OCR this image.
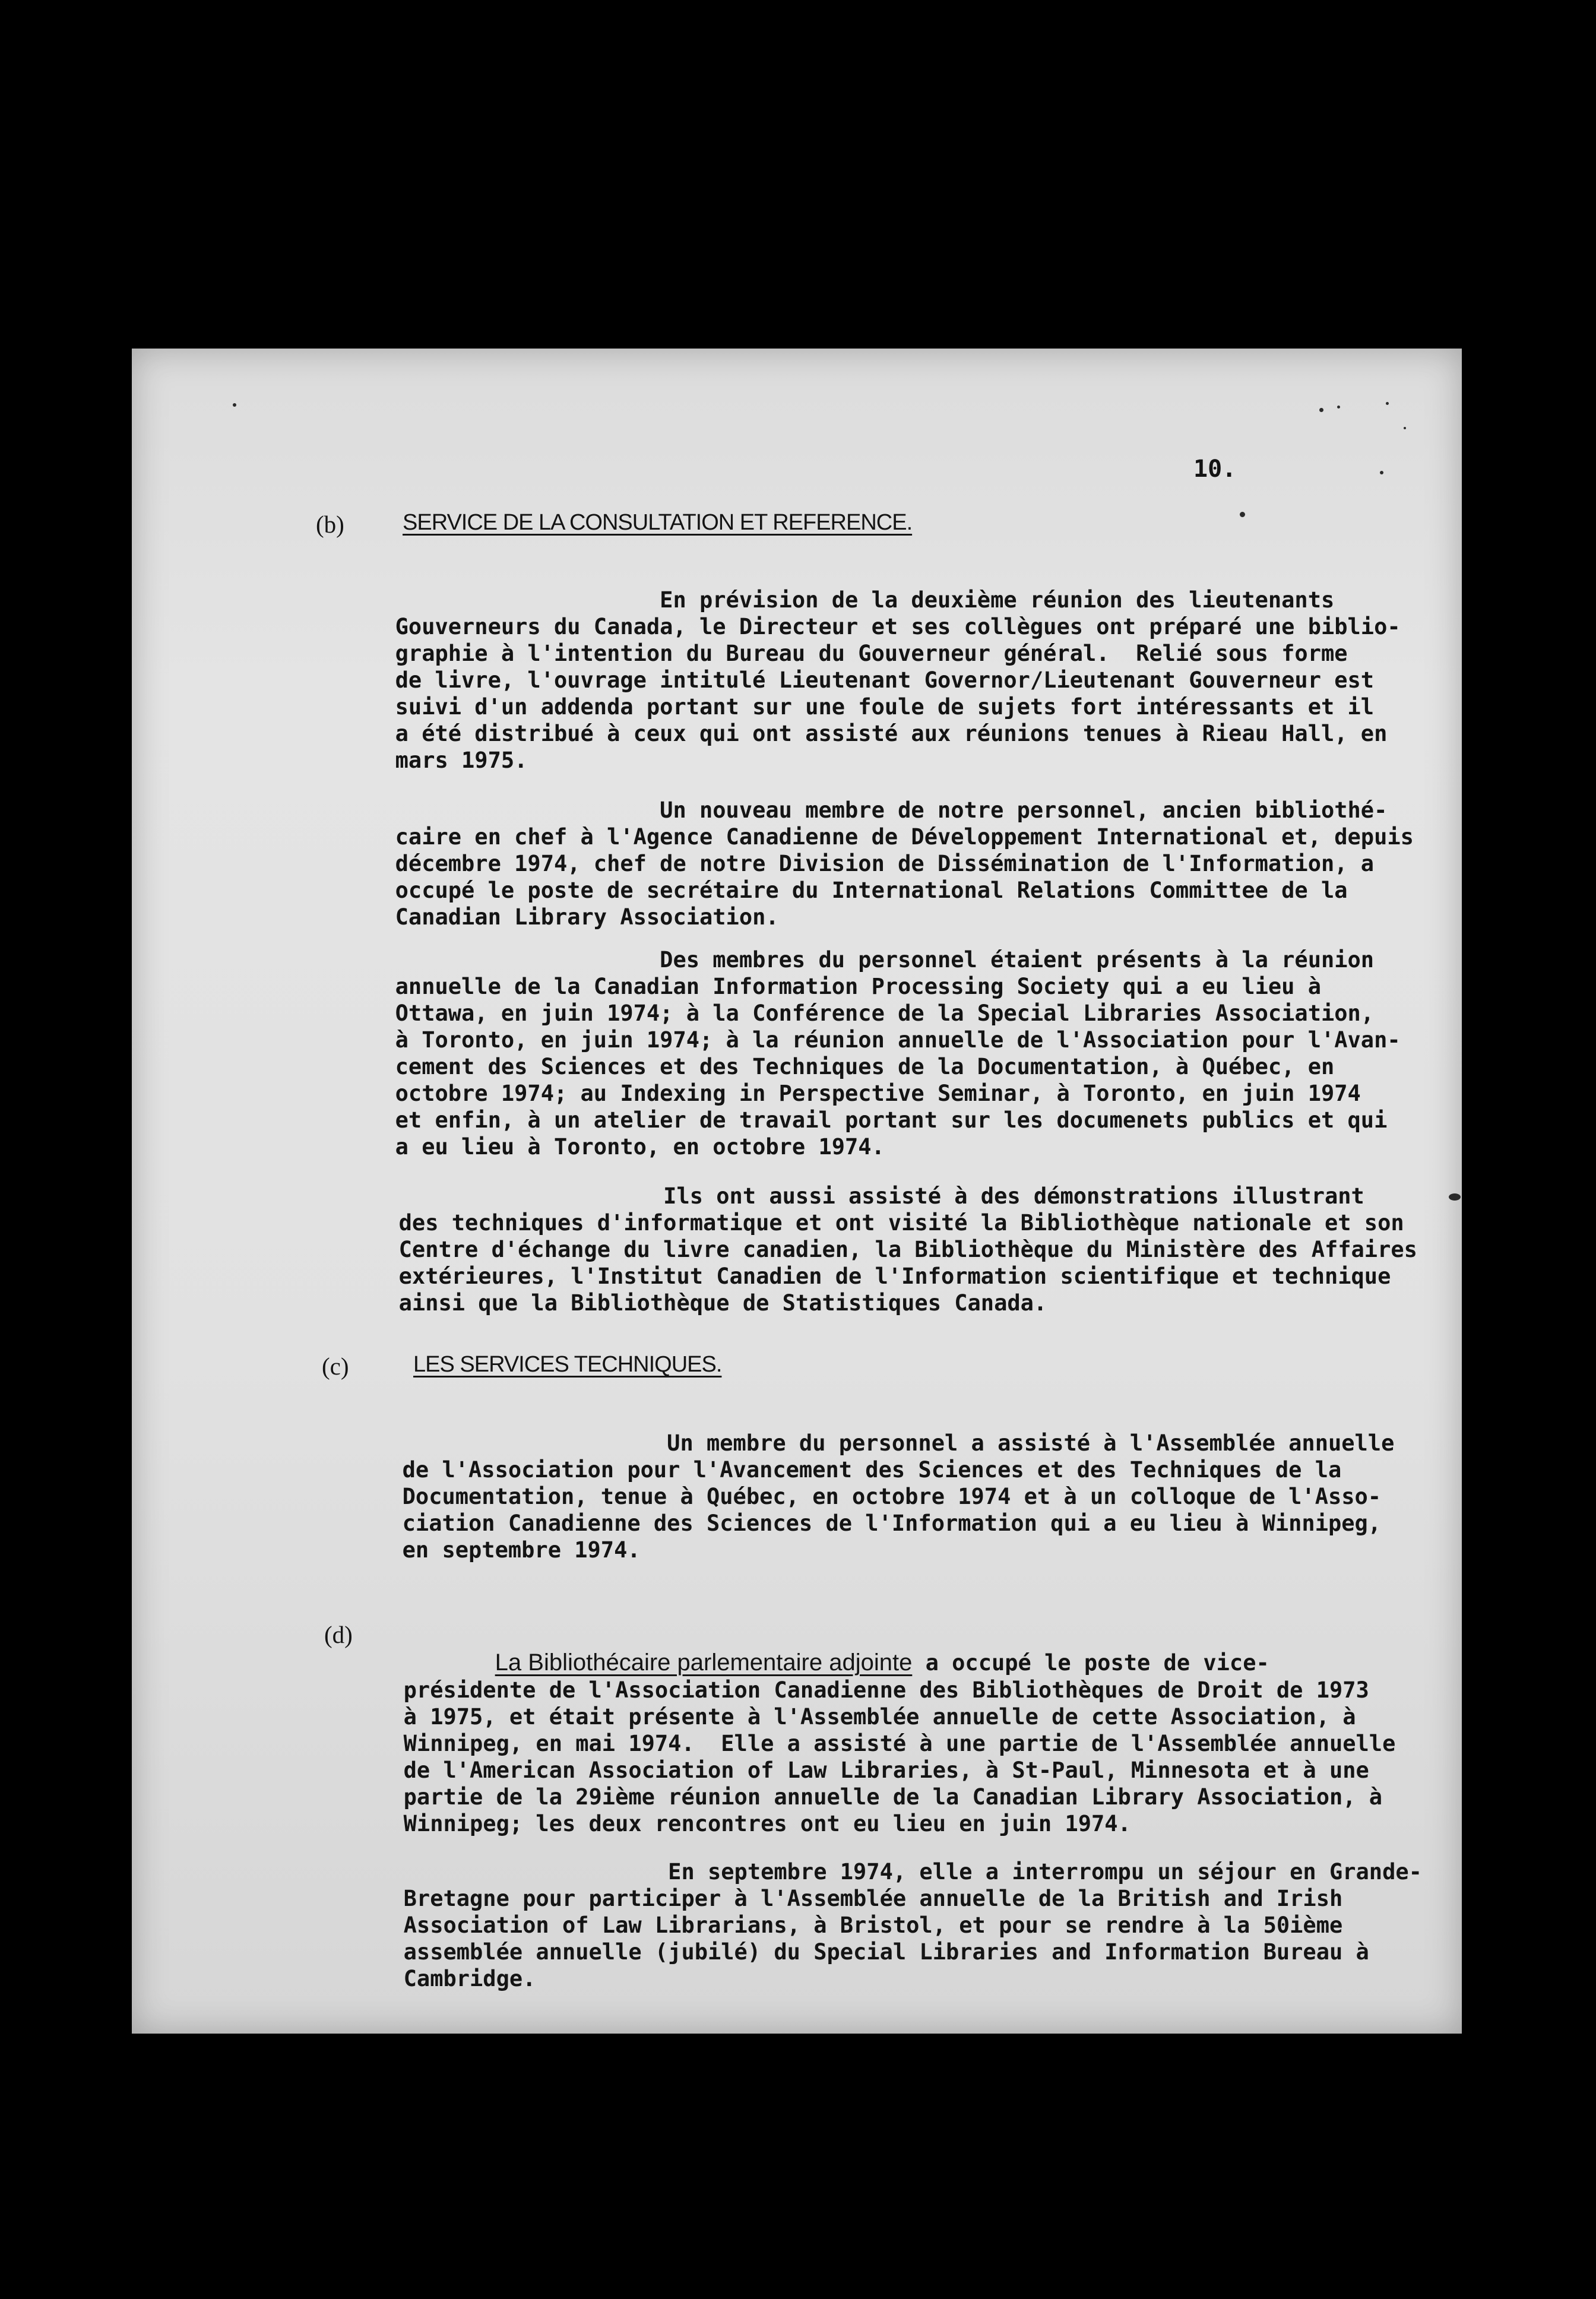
10.
(b)	SERVICE DE LA CONSULTATION ET REFERENCE.

En prévision de la deuxième réunion des lieutenants
Gouverneurs du Canada, le Directeur et ses collègues ont préparé une biblio-
graphie à l'intention du Bureau du Gouverneur général.  Relié sous forme
de livre, l'ouvrage intitulé Lieutenant Governor/Lieutenant Gouverneur est
suivi d'un addenda portant sur une foule de sujets fort intéressants et il
a été distribué à ceux qui ont assisté aux réunions tenues à Rieau Hall, en
mars 1975.

Un nouveau membre de notre personnel, ancien bibliothé-
caire en chef à l'Agence Canadienne de Développement International et, depuis
décembre 1974, chef de notre Division de Dissémination de l'Information, a
occupé le poste de secrétaire du International Relations Committee de la
Canadian Library Association.

Des membres du personnel étaient présents à la réunion
annuelle de la Canadian Information Processing Society qui a eu lieu à
Ottawa, en juin 1974; à la Conférence de la Special Libraries Association,
à Toronto, en juin 1974; à la réunion annuelle de l'Association pour l'Avan-
cement des Sciences et des Techniques de la Documentation, à Québec, en
octobre 1974; au Indexing in Perspective Seminar, à Toronto, en juin 1974
et enfin, à un atelier de travail portant sur les documenets publics et qui
a eu lieu à Toronto, en octobre 1974.

Ils ont aussi assisté à des démonstrations illustrant
des techniques d'informatique et ont visité la Bibliothèque nationale et son
Centre d'échange du livre canadien, la Bibliothèque du Ministère des Affaires
extérieures, l'Institut Canadien de l'Information scientifique et technique
ainsi que la Bibliothèque de Statistiques Canada.

(c)	LES SERVICES TECHNIQUES.

Un membre du personnel a assisté à l'Assemblée annuelle
de l'Association pour l'Avancement des Sciences et des Techniques de la
Documentation, tenue à Québec, en octobre 1974 et à un colloque de l'Asso-
ciation Canadienne des Sciences de l'Information qui a eu lieu à Winnipeg,
en septembre 1974.

(d)

La Bibliothécaire parlementaire adjointe a occupé le poste de vice-

présidente de l'Association Canadienne des Bibliothèques de Droit de 1973
à 1975, et était présente à l'Assemblée annuelle de cette Association, à
Winnipeg, en mai 1974.  Elle a assisté à une partie de l'Assemblée annuelle
de l'American Association of Law Libraries, à St-Paul, Minnesota et à une
partie de la 29ième réunion annuelle de la Canadian Library Association, à
Winnipeg; les deux rencontres ont eu lieu en juin 1974.

En septembre 1974, elle a interrompu un séjour en Grande-
Bretagne pour participer à l'Assemblée annuelle de la British and Irish
Association of Law Librarians, à Bristol, et pour se rendre à la 50ième
assemblée annuelle (jubilé) du Special Libraries and Information Bureau à
Cambridge.
